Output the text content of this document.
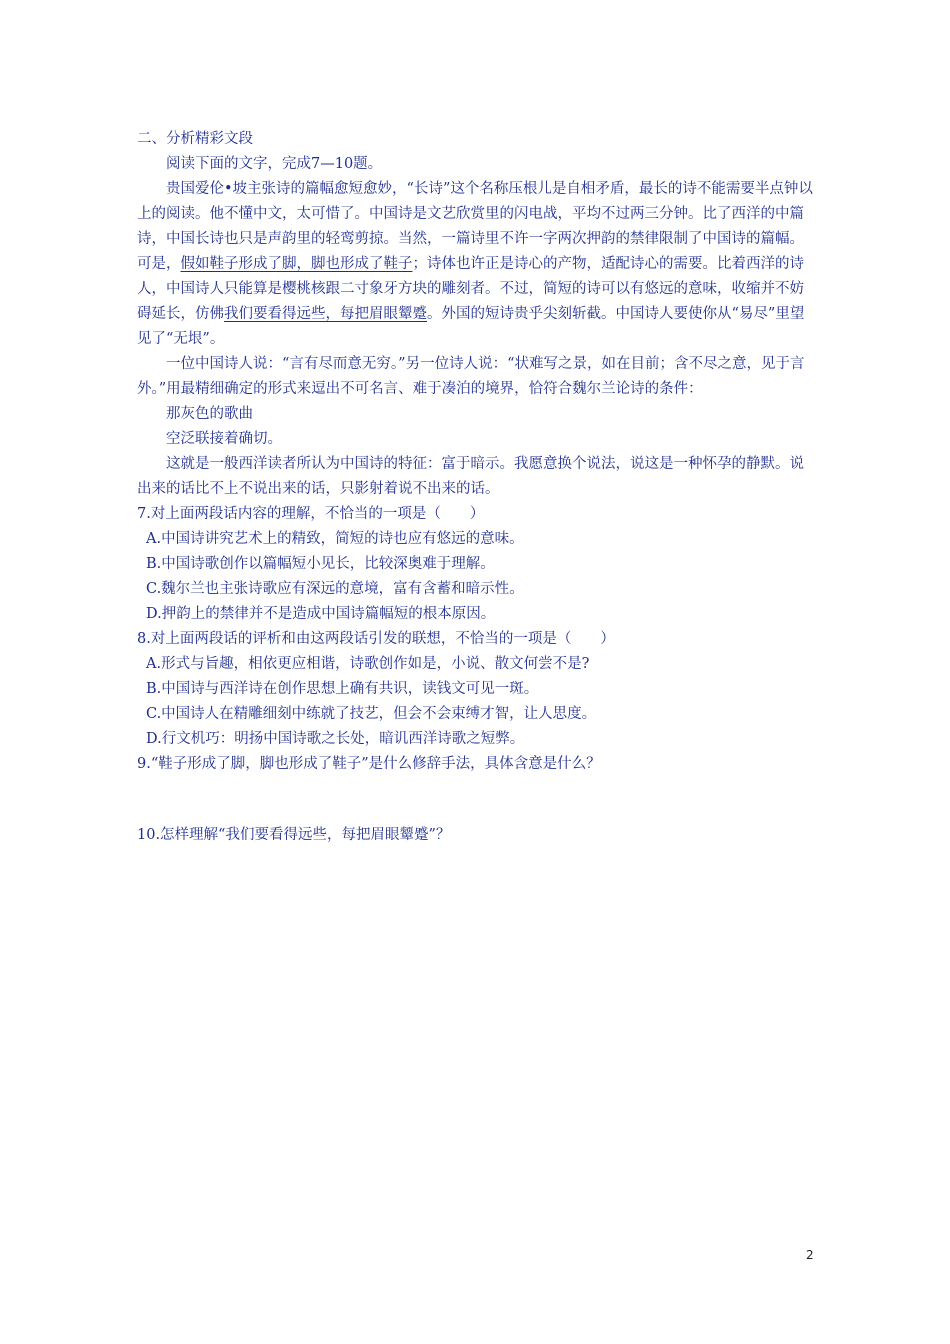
二、分析精彩文段

阅读下面的文字，完成7—10题。

贵国爱伦•坡主张诗的篇幅愈短愈妙，“长诗”这个名称压根儿是自相矛盾，最长的诗不能需要半点钟以上的阅读。他不懂中文，太可惜了。中国诗是文艺欣赏里的闪电战，平均不过两三分钟。比了西洋的中篇诗，中国长诗也只是声韵里的轻鸾剪掠。当然，一篇诗里不许一字两次押韵的禁律限制了中国诗的篇幅。可是，假如鞋子形成了脚，脚也形成了鞋子；诗体也许正是诗心的产物，适配诗心的需要。比着西洋的诗人，中国诗人只能算是樱桃核跟二寸象牙方块的雕刻者。不过，简短的诗可以有悠远的意味，收缩并不妨碍延长，仿佛我们要看得远些，每把眉眼颦蹙。外国的短诗贵乎尖刻斩截。中国诗人要使你从“易尽”里望见了“无垠”。

一位中国诗人说：“言有尽而意无穷。”另一位诗人说：“状难写之景，如在目前；含不尽之意，见于言外。”用最精细确定的形式来逗出不可名言、难于凑泊的境界，恰符合魏尔兰论诗的条件：

那灰色的歌曲

空泛联接着确切。

这就是一般西洋读者所认为中国诗的特征：富于暗示。我愿意换个说法，说这是一种怀孕的静默。说出来的话比不上不说出来的话，只影射着说不出来的话。

7.对上面两段话内容的理解，不恰当的一项是（　　）

A.中国诗讲究艺术上的精致，简短的诗也应有悠远的意味。

B.中国诗歌创作以篇幅短小见长，比较深奥难于理解。

C.魏尔兰也主张诗歌应有深远的意境，富有含蓄和暗示性。

D.押韵上的禁律并不是造成中国诗篇幅短的根本原因。

8.对上面两段话的评析和由这两段话引发的联想，不恰当的一项是（　　）

A.形式与旨趣，相依更应相谐，诗歌创作如是，小说、散文何尝不是?

B.中国诗与西洋诗在创作思想上确有共识，读钱文可见一斑。

C.中国诗人在精雕细刻中练就了技艺，但会不会束缚才智，让人思度。

D.行文机巧：明扬中国诗歌之长处，暗讥西洋诗歌之短弊。

9.“鞋子形成了脚，脚也形成了鞋子”是什么修辞手法，具体含意是什么？

10.怎样理解“我们要看得远些，每把眉眼颦蹙”？

2
